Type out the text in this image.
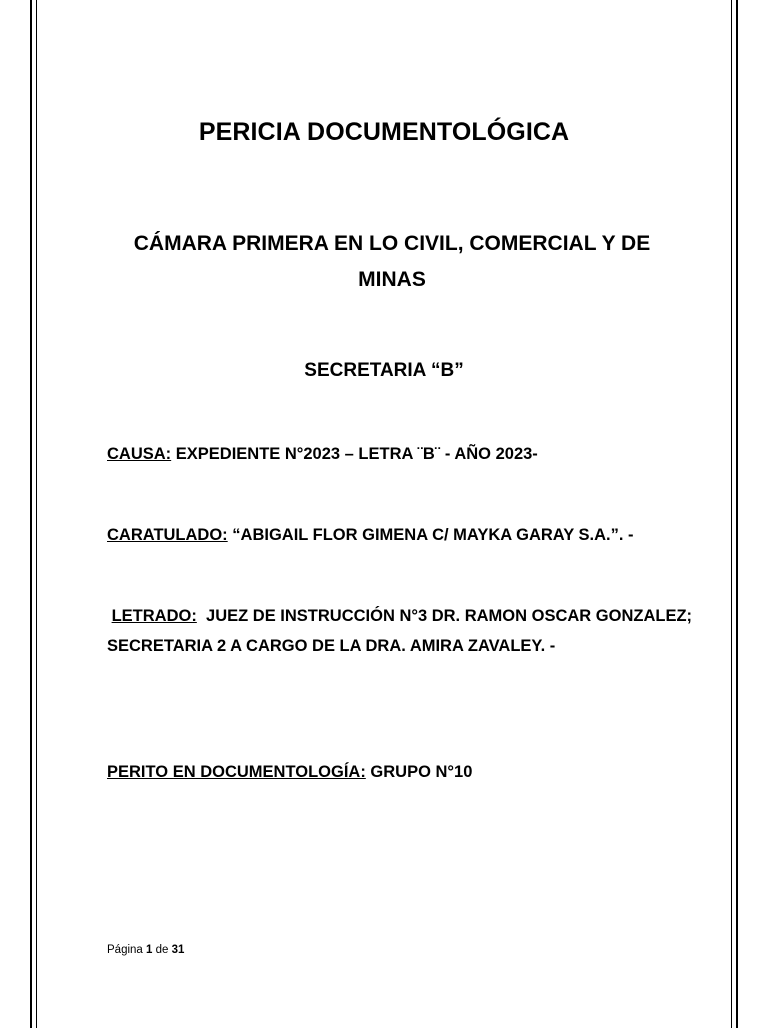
PERICIA DOCUMENTOLÓGICA
CÁMARA PRIMERA EN LO CIVIL, COMERCIAL Y DE
MINAS
SECRETARIA “B”
CAUSA: EXPEDIENTE N°2023 – LETRA ¨B¨ - AÑO 2023-
CARATULADO: “ABIGAIL FLOR GIMENA C/ MAYKA GARAY S.A.”. -
LETRADO:  JUEZ DE INSTRUCCIÓN N°3 DR. RAMON OSCAR GONZALEZ;
SECRETARIA 2 A CARGO DE LA DRA. AMIRA ZAVALEY. -
PERITO EN DOCUMENTOLOGÍA: GRUPO N°10
Página 1 de 31
